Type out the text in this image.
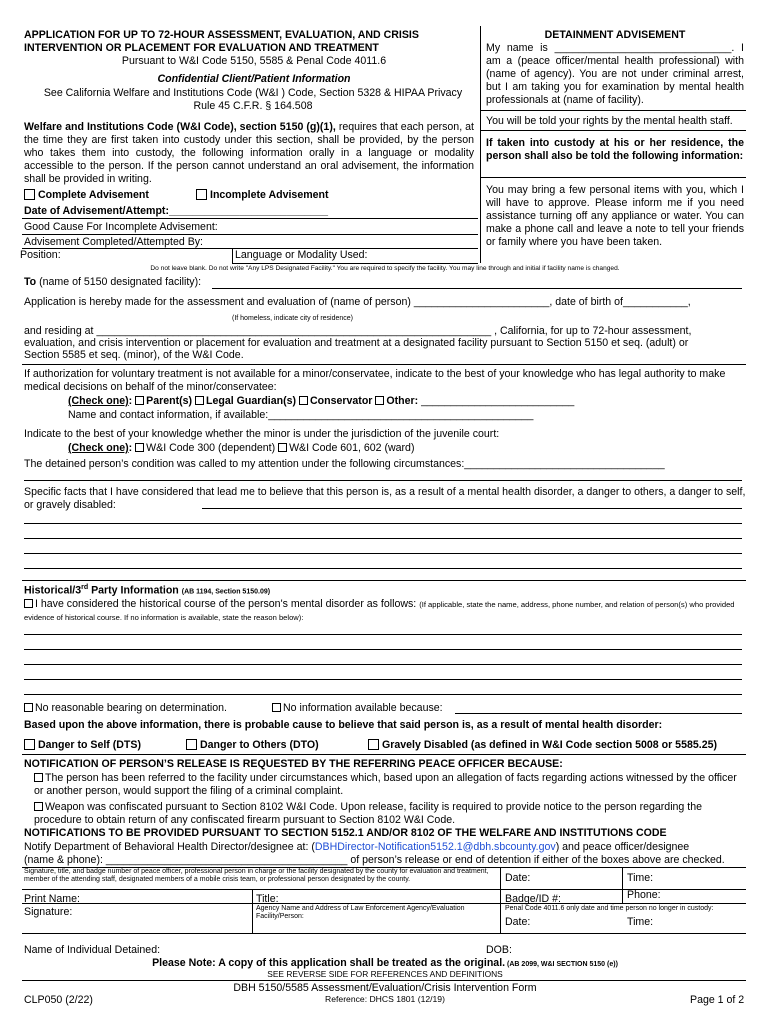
APPLICATION FOR UP TO 72-HOUR ASSESSMENT, EVALUATION, AND CRISIS
INTERVENTION OR PLACEMENT FOR EVALUATION AND TREATMENT
Pursuant to W&I Code 5150, 5585 & Penal Code 4011.6
Confidential Client/Patient Information
See California Welfare and Institutions Code (W&I ) Code, Section 5328 & HIPAA Privacy
Rule 45 C.F.R. § 164.508
Welfare and Institutions Code (W&I Code), section 5150 (g)(1), requires that each person, at the time they are first taken into custody under this section, shall be provided, by the person who takes them into custody, the following information orally in a language or modality accessible to the person. If the person cannot understand an oral advisement, the information shall be provided in writing.
Complete Advisement	Incomplete Advisement
Date of Advisement/Attempt:___________________________
Good Cause For Incomplete Advisement:
Advisement Completed/Attempted By:
Position:	Language or Modality Used:
DETAINMENT ADVISEMENT
My name is ______________________________. I am a (peace officer/mental health professional) with (name of agency). You are not under criminal arrest, but I am taking you for examination by mental health professionals at (name of facility).
You will be told your rights by the mental health staff.
If taken into custody at his or her residence, the person shall also be told the following information:
You may bring a few personal items with you, which I will have to approve. Please inform me if you need assistance turning off any appliance or water. You can make a phone call and leave a note to tell your friends or family where you have been taken.
Do not leave blank. Do not write "Any LPS Designated Facility." You are required to specify the facility. You may line through and initial if facility name is changed.
To (name of 5150 designated facility):
Application is hereby made for the assessment and evaluation of (name of person) _______________________, date of birth of___________,
(If homeless, indicate city of residence)
and residing at ___________________________________________________________________ , California, for up to 72-hour assessment,
evaluation, and crisis intervention or placement for evaluation and treatment at a designated facility pursuant to Section 5150 et seq. (adult) or
Section 5585 et seq. (minor), of the W&I Code.
If authorization for voluntary treatment is not available for a minor/conservatee, indicate to the best of your knowledge who has legal authority to make medical decisions on behalf of the minor/conservatee:
(Check one): Parent(s) Legal Guardian(s) Conservator Other: __________________________
Name and contact information, if available:_____________________________________________
Indicate to the best of your knowledge whether the minor is under the jurisdiction of the juvenile court:
(Check one): W&I Code 300 (dependent) W&I Code 601, 602 (ward)
The detained person’s condition was called to my attention under the following circumstances:__________________________________
Specific facts that I have considered that lead me to believe that this person is, as a result of a mental health disorder, a danger to others, a danger to self, or gravely disabled:
Historical/3rd Party Information (AB 1194, Section 5150.09)
I have considered the historical course of the person's mental disorder as follows: (If applicable, state the name, address, phone number, and relation of person(s) who provided evidence of historical course. If no information is available, state the reason below):
No reasonable bearing on determination.	No information available because:
Based upon the above information, there is probable cause to believe that said person is, as a result of mental health disorder:
Danger to Self (DTS)	Danger to Others (DTO)	Gravely Disabled (as defined in W&I Code section 5008 or 5585.25)
NOTIFICATION OF PERSON’S RELEASE IS REQUESTED BY THE REFERRING PEACE OFFICER BECAUSE:
The person has been referred to the facility under circumstances which, based upon an allegation of facts regarding actions witnessed by the officer or another person, would support the filing of a criminal complaint.
Weapon was confiscated pursuant to Section 8102 W&I Code. Upon release, facility is required to provide notice to the person regarding the procedure to obtain return of any confiscated firearm pursuant to Section 8102 W&I Code.
NOTIFICATIONS TO BE PROVIDED PURSUANT TO SECTION 5152.1 AND/OR 8102 OF THE WELFARE AND INSTITUTIONS CODE
Notify Department of Behavioral Health Director/designee at: (DBHDirector-Notification5152.1@dbh.sbcounty.gov) and peace officer/designee
(name & phone): _________________________________________ of person’s release or end of detention if either of the boxes above are checked.
Signature, title, and badge number of peace officer, professional person in charge or the facility designated by the county for evaluation and treatment, member of the attending staff, designated members of a mobile crisis team, or professional person designated by the county.	Date:	Time:
Print Name:	Title:	Badge/ID #:	Phone:
Signature:	Agency Name and Address of Law Enforcement Agency/Evaluation Facility/Person:
Penal Code 4011.6 only date and time person no longer in custody:
Date:	Time:
Name of Individual Detained:	DOB:
Please Note: A copy of this application shall be treated as the original. (AB 2099, W&I SECTION 5150 (e))
SEE REVERSE SIDE FOR REFERENCES AND DEFINITIONS
DBH 5150/5585 Assessment/Evaluation/Crisis Intervention Form
CLP050 (2/22)	Reference: DHCS 1801 (12/19)	Page 1 of 2
